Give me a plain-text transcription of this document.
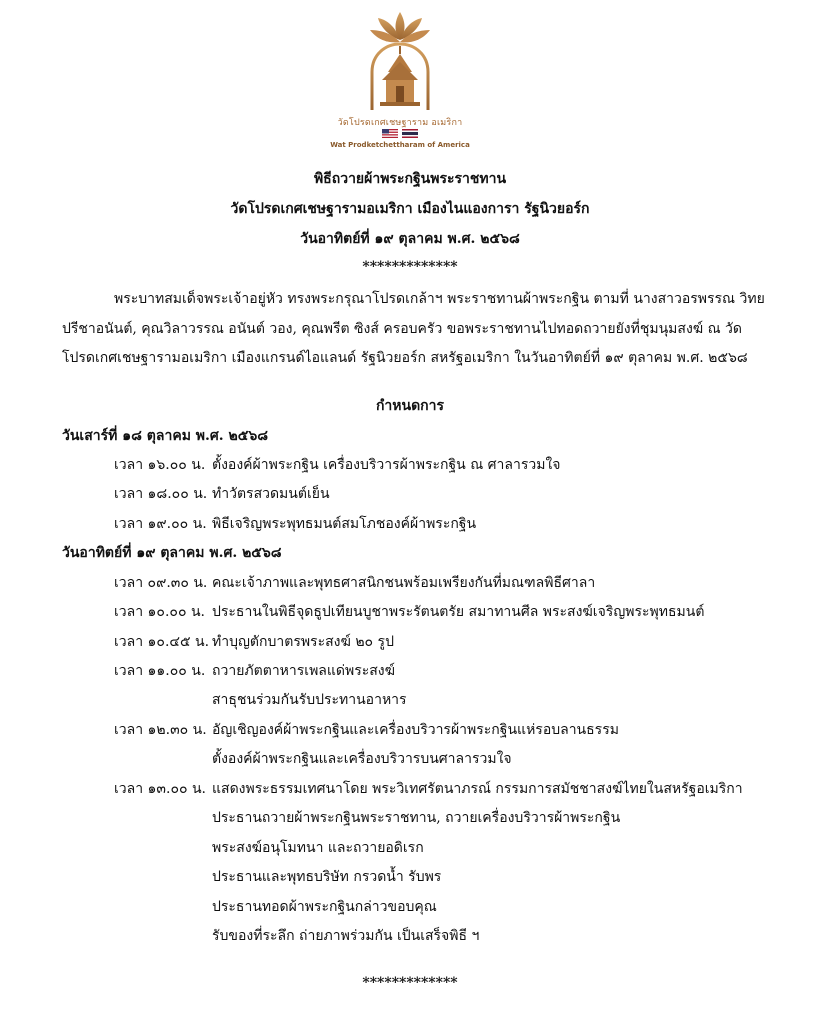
วัดโปรดเกศเชษฐาราม อเมริกา
Wat Prodketchettharam of America
พิธีถวายผ้าพระกฐินพระราชทาน
วัดโปรดเกศเชษฐารามอเมริกา เมืองไนแองการา รัฐนิวยอร์ก
วันอาทิตย์ที่ ๑๙ ตุลาคม พ.ศ. ๒๕๖๘
*************
พระบาทสมเด็จพระเจ้าอยู่หัว ทรงพระกรุณาโปรดเกล้าฯ พระราชทานผ้าพระกฐิน ตามที่ นางสาวอรพรรณ วิทย
ปรีชาอนันต์, คุณวิลาวรรณ อนันต์ วอง, คุณพรีต ซิงส์ ครอบครัว ขอพระราชทานไปทอดถวายยังที่ชุมนุมสงฆ์ ณ วัด
โปรดเกศเชษฐารามอเมริกา เมืองแกรนด์ไอแลนด์ รัฐนิวยอร์ก สหรัฐอเมริกา ในวันอาทิตย์ที่ ๑๙ ตุลาคม พ.ศ. ๒๕๖๘
กำหนดการ
วันเสาร์ที่ ๑๘ ตุลาคม พ.ศ. ๒๕๖๘
เวลา ๑๖.๐๐ น. ตั้งองค์ผ้าพระกฐิน เครื่องบริวารผ้าพระกฐิน ณ ศาลารวมใจ
เวลา ๑๘.๐๐ น. ทำวัตรสวดมนต์เย็น
เวลา ๑๙.๐๐ น. พิธีเจริญพระพุทธมนต์สมโภชองค์ผ้าพระกฐิน
วันอาทิตย์ที่ ๑๙ ตุลาคม พ.ศ. ๒๕๖๘
เวลา ๐๙.๓๐ น. คณะเจ้าภาพและพุทธศาสนิกชนพร้อมเพรียงกันที่มณฑลพิธีศาลา
เวลา ๑๐.๐๐ น. ประธานในพิธีจุดธูปเทียนบูชาพระรัตนตรัย สมาทานศีล พระสงฆ์เจริญพระพุทธมนต์
เวลา ๑๐.๔๕ น. ทำบุญตักบาตรพระสงฆ์ ๒๐ รูป
เวลา ๑๑.๐๐ น. ถวายภัตตาหารเพลแด่พระสงฆ์
สาธุชนร่วมกันรับประทานอาหาร
เวลา ๑๒.๓๐ น. อัญเชิญองค์ผ้าพระกฐินและเครื่องบริวารผ้าพระกฐินแห่รอบลานธรรม
ตั้งองค์ผ้าพระกฐินและเครื่องบริวารบนศาลารวมใจ
เวลา ๑๓.๐๐ น. แสดงพระธรรมเทศนาโดย พระวิเทศรัตนาภรณ์ กรรมการสมัชชาสงฆ์ไทยในสหรัฐอเมริกา
ประธานถวายผ้าพระกฐินพระราชทาน, ถวายเครื่องบริวารผ้าพระกฐิน
พระสงฆ์อนุโมทนา และถวายอดิเรก
ประธานและพุทธบริษัท กรวดน้ำ รับพร
ประธานทอดผ้าพระกฐินกล่าวขอบคุณ
รับของที่ระลึก ถ่ายภาพร่วมกัน เป็นเสร็จพิธี ฯ
*************
